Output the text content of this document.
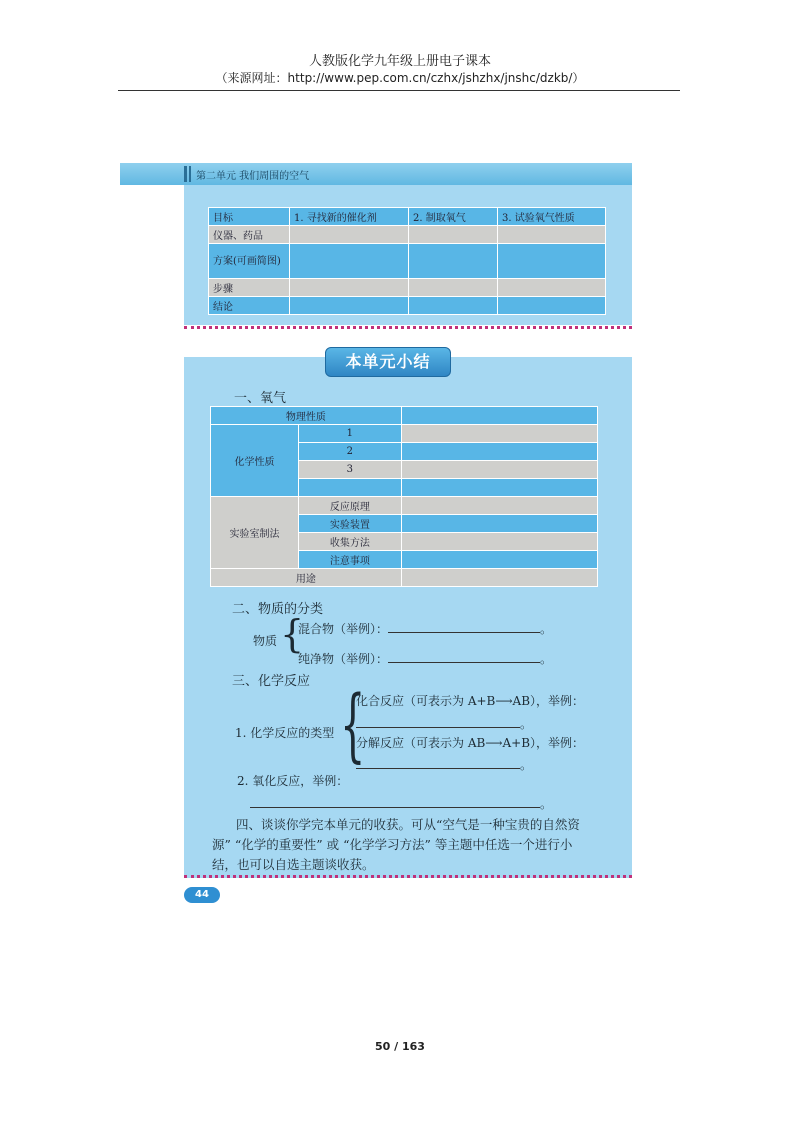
人教版化学九年级上册电子课本
（来源网址：http://www.pep.com.cn/czhx/jshzhx/jnshc/dzkb/）
第二单元 我们周围的空气
目标	1. 寻找新的催化剂	2. 制取氧气	3. 试验氧气性质
仪器、药品			
方案(可画简图)			
步骤			
结论			
本单元小结
一、氧气
物理性质		
化学性质	1	
	2	
	3	

实验室制法	反应原理	
	实验装置	
	收集方法	
	注意事项	
用途		
二、物质的分类
物质 {
混合物（举例）：	。
纯净物（举例）：	。
三、化学反应
1. 化学反应的类型 {
化合反应（可表示为 A+B⟶AB），举例：
。
分解反应（可表示为 AB⟶A+B），举例：
。
2. 氧化反应，举例：
。
四、谈谈你学完本单元的收获。可从“空气是一种宝贵的自然资
源” “化学的重要性” 或 “化学学习方法” 等主题中任选一个进行小
结，也可以自选主题谈收获。
44
50 / 163
